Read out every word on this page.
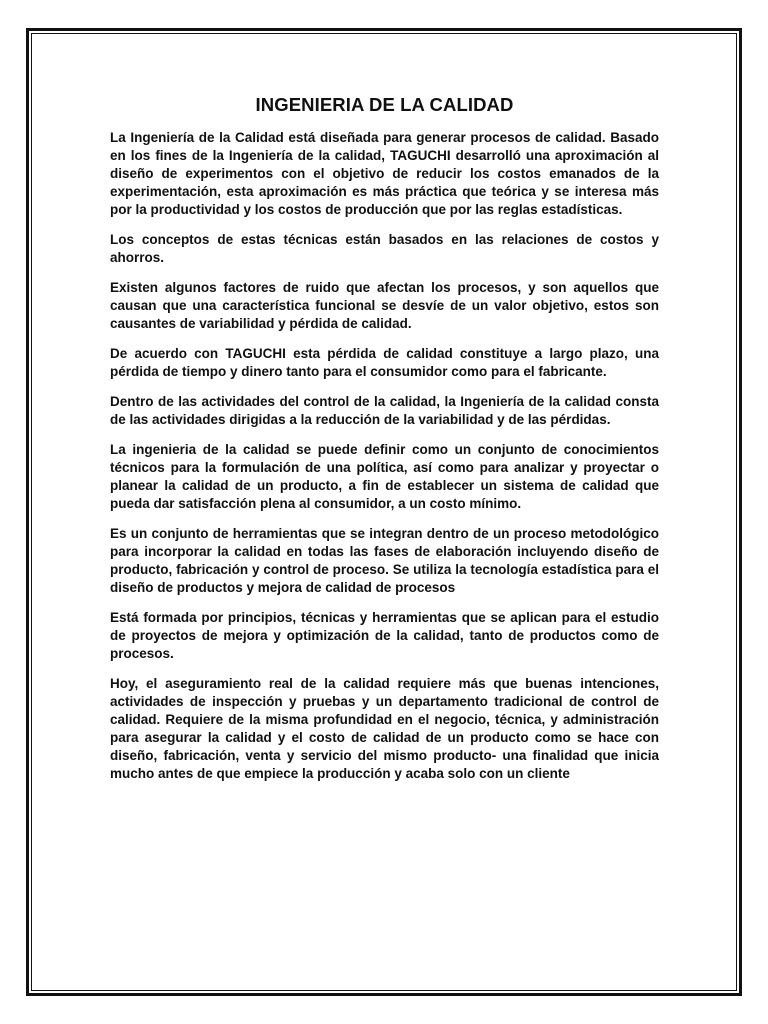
INGENIERIA DE LA CALIDAD

La Ingeniería de la Calidad está diseñada para generar procesos de calidad. Basado en los fines de la Ingeniería de la calidad, TAGUCHI desarrolló una aproximación al diseño de experimentos con el objetivo de reducir los costos emanados de la experimentación, esta aproximación es más práctica que teórica y se interesa más por la productividad y los costos de producción que por las reglas estadísticas.

Los conceptos de estas técnicas están basados en las relaciones de costos y ahorros.

Existen algunos factores de ruido que afectan los procesos, y son aquellos que causan que una característica funcional se desvíe de un valor objetivo, estos son causantes de variabilidad y pérdida de calidad.

De acuerdo con TAGUCHI esta pérdida de calidad constituye a largo plazo, una pérdida de tiempo y dinero tanto para el consumidor como para el fabricante.

Dentro de las actividades del control de la calidad, la Ingeniería de la calidad consta de las actividades dirigidas a la reducción de la variabilidad y de las pérdidas.

La ingenieria de la calidad se puede definir como un conjunto de conocimientos técnicos para la formulación de una política, así como para analizar y proyectar o planear la calidad de un producto, a fin de establecer un sistema de calidad que pueda dar satisfacción plena al consumidor, a un costo mínimo.

Es un conjunto de herramientas que se integran dentro de un proceso metodológico para incorporar la calidad en todas las fases de elaboración incluyendo diseño de producto, fabricación y control de proceso. Se utiliza la tecnología estadística para el diseño de productos y mejora de calidad de procesos

Está formada por principios, técnicas y herramientas que se aplican para el estudio de proyectos de mejora y optimización de la calidad, tanto de productos como de procesos.

Hoy, el aseguramiento real de la calidad requiere más que buenas intenciones, actividades de inspección y pruebas y un departamento tradicional de control de calidad. Requiere de la misma profundidad en el negocio, técnica, y administración para asegurar la calidad y el costo de calidad de un producto como se hace con diseño, fabricación, venta y servicio del mismo producto- una finalidad que inicia mucho antes de que empiece la producción y acaba solo con un cliente
